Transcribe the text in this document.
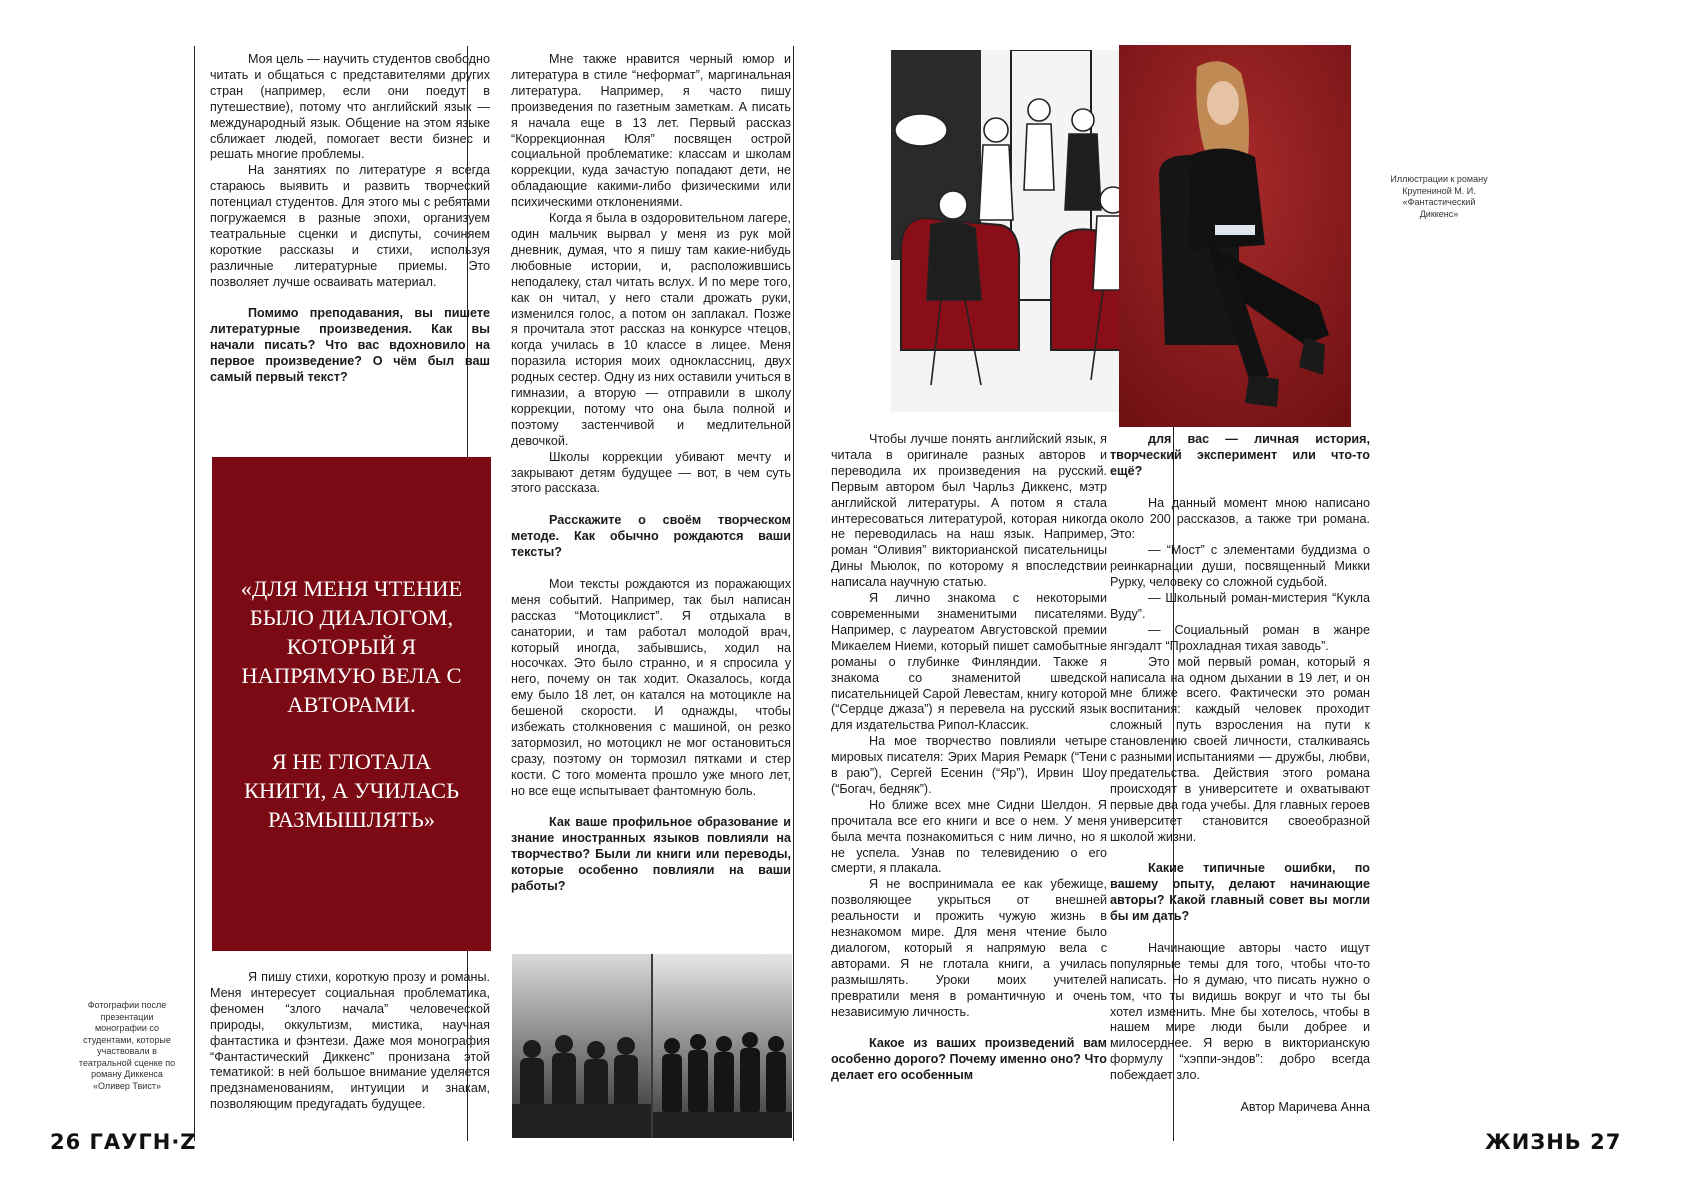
Моя цель — научить студентов свободно читать и общаться с представителями других стран (например, если они поедут в путешествие), потому что английский язык — международный язык. Общение на этом языке сближает людей, помогает вести бизнес и решать многие проблемы.

На занятиях по литературе я всегда стараюсь выявить и развить творческий потенциал студентов. Для этого мы с ребятами погружаемся в разные эпохи, организуем театральные сценки и диспуты, сочиняем короткие рассказы и стихи, используя различные литературные приемы. Это позволяет лучше осваивать материал.

Помимо преподавания, вы пишете литературные произведения. Как вы начали писать? Что вас вдохновило на первое произведение? О чём был ваш самый первый текст?

«ДЛЯ МЕНЯ ЧТЕНИЕ БЫЛО ДИАЛОГОМ, КОТОРЫЙ Я НАПРЯМУЮ ВЕЛА С АВТОРАМИ.

Я НЕ ГЛОТАЛА КНИГИ, А УЧИЛАСЬ РАЗМЫШЛЯТЬ»

Я пишу стихи, короткую прозу и романы. Меня интересует социальная проблематика, феномен “злого начала” человеческой природы, оккультизм, мистика, научная фантастика и фэнтези. Даже моя монография “Фантастический Диккенс” пронизана этой тематикой: в ней большое внимание уделяется предзнаменованиям, интуиции и знакам, позволяющим предугадать будущее.

Мне также нравится черный юмор и литература в стиле “неформат”, маргинальная литература. Например, я часто пишу произведения по газетным заметкам. А писать я начала еще в 13 лет. Первый рассказ “Коррекционная Юля” посвящен острой социальной проблематике: классам и школам коррекции, куда зачастую попадают дети, не обладающие какими-либо физическими или психическими отклонениями.

Когда я была в оздоровительном лагере, один мальчик вырвал у меня из рук мой дневник, думая, что я пишу там какие-нибудь любовные истории, и, расположившись неподалеку, стал читать вслух. И по мере того, как он читал, у него стали дрожать руки, изменился голос, а потом он заплакал. Позже я прочитала этот рассказ на конкурсе чтецов, когда училась в 10 классе в лицее. Меня поразила история моих одноклассниц, двух родных сестер. Одну из них оставили учиться в гимназии, а вторую — отправили в школу коррекции, потому что она была полной и поэтому застенчивой и медлительной девочкой.

Школы коррекции убивают мечту и закрывают детям будущее — вот, в чем суть этого рассказа.

Расскажите о своём творческом методе. Как обычно рождаются ваши тексты?

Мои тексты рождаются из поражающих меня событий. Например, так был написан рассказ “Мотоциклист”. Я отдыхала в санатории, и там работал молодой врач, который иногда, забывшись, ходил на носочках. Это было странно, и я спросила у него, почему он так ходит. Оказалось, когда ему было 18 лет, он катался на мотоцикле на бешеной скорости. И однажды, чтобы избежать столкновения с машиной, он резко затормозил, но мотоцикл не мог остановиться сразу, поэтому он тормозил пятками и стер кости. С того момента прошло уже много лет, но все еще испытывает фантомную боль.

Как ваше профильное образование и знание иностранных языков повлияли на творчество? Были ли книги или переводы, которые особенно повлияли на ваши работы?

Фотографии после презентации монографии со студентами, которые участвовали в театральной сценке по роману Диккенса «Оливер Твист»
26 ГАУГН·Z
Иллюстрации к роману Крупениной М. И. «Фантастический Диккенс»

Чтобы лучше понять английский язык, я читала в оригинале разных авторов и переводила их произведения на русский. Первым автором был Чарльз Диккенс, мэтр английской литературы. А потом я стала интересоваться литературой, которая никогда не переводилась на наш язык. Например, роман “Оливия” викторианской писательницы Дины Мьюлок, по которому я впоследствии написала научную статью.

Я лично знакома с некоторыми современными знаменитыми писателями. Например, с лауреатом Августовской премии Микаелем Ниеми, который пишет самобытные романы о глубинке Финляндии. Также я знакома со знаменитой шведской писательницей Сарой Левестам, книгу которой (“Сердце джаза”) я перевела на русский язык для издательства Рипол-Классик.

На мое творчество повлияли четыре мировых писателя: Эрих Мария Ремарк (“Тени в раю”), Сергей Есенин (“Яр”), Ирвин Шоу (“Богач, бедняк”).

Но ближе всех мне Сидни Шелдон. Я прочитала все его книги и все о нем. У меня была мечта познакомиться с ним лично, но я не успела. Узнав по телевидению о его смерти, я плакала.

Я не воспринимала ее как убежище, позволяющее укрыться от внешней реальности и прожить чужую жизнь в незнакомом мире. Для меня чтение было диалогом, который я напрямую вела с авторами. Я не глотала книги, а училась размышлять. Уроки моих учителей превратили меня в романтичную и очень независимую личность.

Какое из ваших произведений вам особенно дорого? Почему именно оно? Что делает его особенным

для вас — личная история, творческий эксперимент или что-то ещё?

На данный момент мною написано около 200 рассказов, а также три романа. Это:

— “Мост” с элементами буддизма о реинкарнации души, посвященный Микки Рурку, человеку со сложной судьбой.

— Школьный роман-мистерия “Кукла Вуду”.

— Социальный роман в жанре янгэдалт “Прохладная тихая заводь”.

Это мой первый роман, который я написала на одном дыхании в 19 лет, и он мне ближе всего. Фактически это роман воспитания: каждый человек проходит сложный путь взросления на пути к становлению своей личности, сталкиваясь с разными испытаниями — дружбы, любви, предательства. Действия этого романа происходят в университете и охватывают первые два года учебы. Для главных героев университет становится своеобразной школой жизни.

Какие типичные ошибки, по вашему опыту, делают начинающие авторы? Какой главный совет вы могли бы им дать?

Начинающие авторы часто ищут популярные темы для того, чтобы что-то написать. Но я думаю, что писать нужно о том, что ты видишь вокруг и что ты бы хотел изменить. Мне бы хотелось, чтобы в нашем мире люди были добрее и милосерднее. Я верю в викторианскую формулу “хэппи-эндов”: добро всегда побеждает зло.

Автор Маричева Анна

ЖИЗНЬ 27
